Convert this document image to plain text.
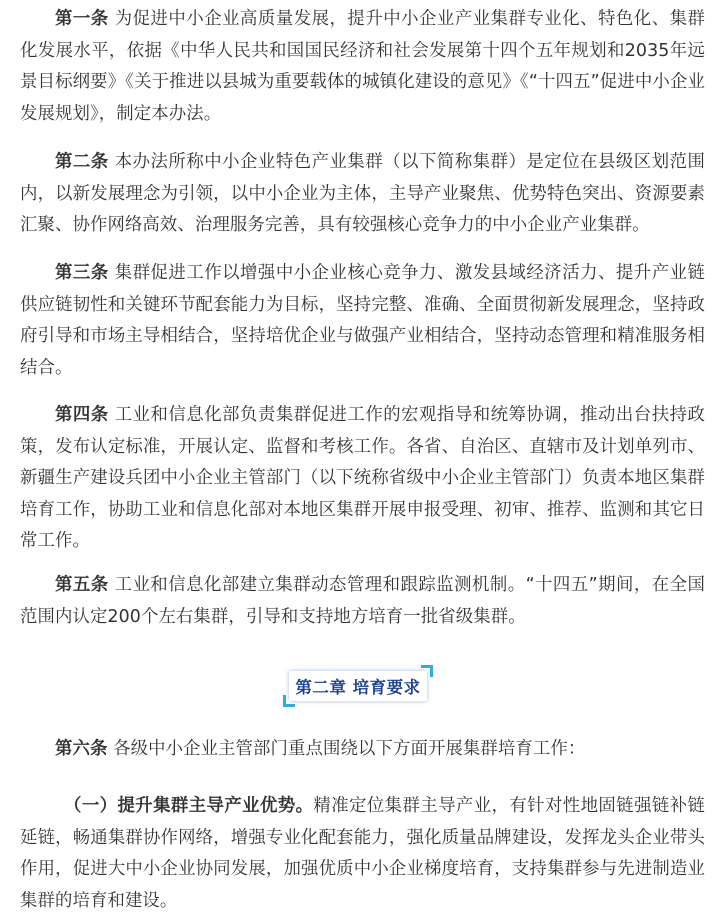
第一条 为促进中小企业高质量发展，提升中小企业产业集群专业化、特色化、集群化发展水平，依据《中华人民共和国国民经济和社会发展第十四个五年规划和2035年远景目标纲要》《关于推进以县城为重要载体的城镇化建设的意见》《“十四五”促进中小企业发展规划》，制定本办法。

第二条 本办法所称中小企业特色产业集群（以下简称集群）是定位在县级区划范围内，以新发展理念为引领，以中小企业为主体，主导产业聚焦、优势特色突出、资源要素汇聚、协作网络高效、治理服务完善，具有较强核心竞争力的中小企业产业集群。

第三条 集群促进工作以增强中小企业核心竞争力、激发县域经济活力、提升产业链供应链韧性和关键环节配套能力为目标，坚持完整、准确、全面贯彻新发展理念，坚持政府引导和市场主导相结合，坚持培优企业与做强产业相结合，坚持动态管理和精准服务相结合。

第四条 工业和信息化部负责集群促进工作的宏观指导和统筹协调，推动出台扶持政策，发布认定标准，开展认定、监督和考核工作。各省、自治区、直辖市及计划单列市、新疆生产建设兵团中小企业主管部门（以下统称省级中小企业主管部门）负责本地区集群培育工作，协助工业和信息化部对本地区集群开展申报受理、初审、推荐、监测和其它日常工作。

第五条 工业和信息化部建立集群动态管理和跟踪监测机制。“十四五”期间，在全国范围内认定200个左右集群，引导和支持地方培育一批省级集群。

第二章 培育要求

第六条 各级中小企业主管部门重点围绕以下方面开展集群培育工作：

（一）提升集群主导产业优势。精准定位集群主导产业，有针对性地固链强链补链延链，畅通集群协作网络，增强专业化配套能力，强化质量品牌建设，发挥龙头企业带头作用，促进大中小企业协同发展，加强优质中小企业梯度培育，支持集群参与先进制造业集群的培育和建设。
